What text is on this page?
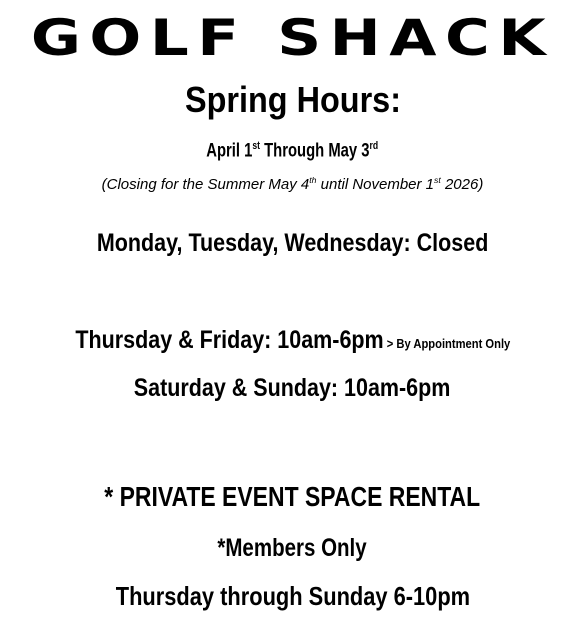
GOLF SHACK
Spring Hours:
April 1st Through May 3rd
(Closing for the Summer May 4th until November 1st 2026)
Monday, Tuesday, Wednesday: Closed
Thursday & Friday: 10am-6pm > By Appointment Only
Saturday & Sunday: 10am-6pm
* PRIVATE EVENT SPACE RENTAL
*Members Only
Thursday through Sunday 6-10pm
